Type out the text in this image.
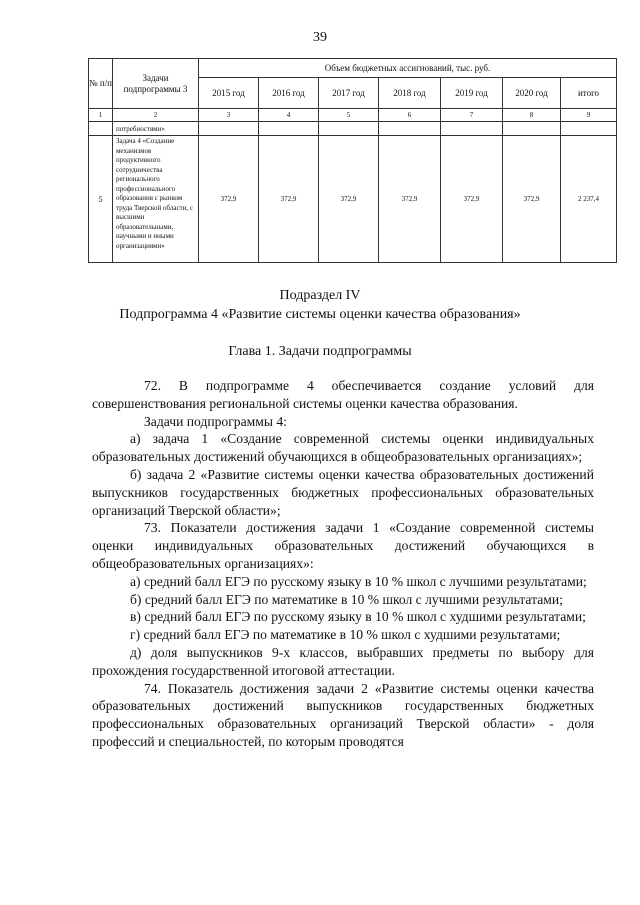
39
№ п/п	Задачи подпрограммы 3	Объем бюджетных ассигнований, тыс. руб.						
		2015 год	2016 год	2017 год	2018 год	2019 год	2020 год	итого
1	2	3	4	5	6	7	8	9
	потребностями»							
5	Задача 4 «Создание механизмов продуктивного сотрудничества регионального профессионального образования с рынком труда Тверской области, с высшими образовательными, научными и иными организациями»	372,9	372,9	372,9	372,9	372,9	372,9	2 237,4
Подраздел IV
Подпрограмма 4 «Развитие системы оценки качества образования»
Глава 1. Задачи подпрограммы

72. В подпрограмме 4 обеспечивается создание условий для совершенствования региональной системы оценки качества образования.

Задачи подпрограммы 4:

а) задача 1 «Создание современной системы оценки индивидуальных образовательных достижений обучающихся в общеобразовательных организациях»;

б) задача 2 «Развитие системы оценки качества образовательных достижений выпускников государственных бюджетных профессиональных образовательных организаций Тверской области»;

73. Показатели достижения задачи 1 «Создание современной системы оценки индивидуальных образовательных достижений обучающихся в общеобразовательных организациях»:

а) средний балл ЕГЭ по русскому языку в 10 % школ с лучшими результатами;

б) средний балл ЕГЭ по математике в 10 % школ с лучшими результатами;

в) средний балл ЕГЭ по русскому языку в 10 % школ с худшими результатами;

г) средний балл ЕГЭ по математике в 10 % школ с худшими результатами;

д) доля выпускников 9-х классов, выбравших предметы по выбору для прохождения государственной итоговой аттестации.

74. Показатель достижения задачи 2 «Развитие системы оценки качества образовательных достижений выпускников государственных бюджетных профессиональных образовательных организаций Тверской области» - доля профессий и специальностей, по которым проводятся
